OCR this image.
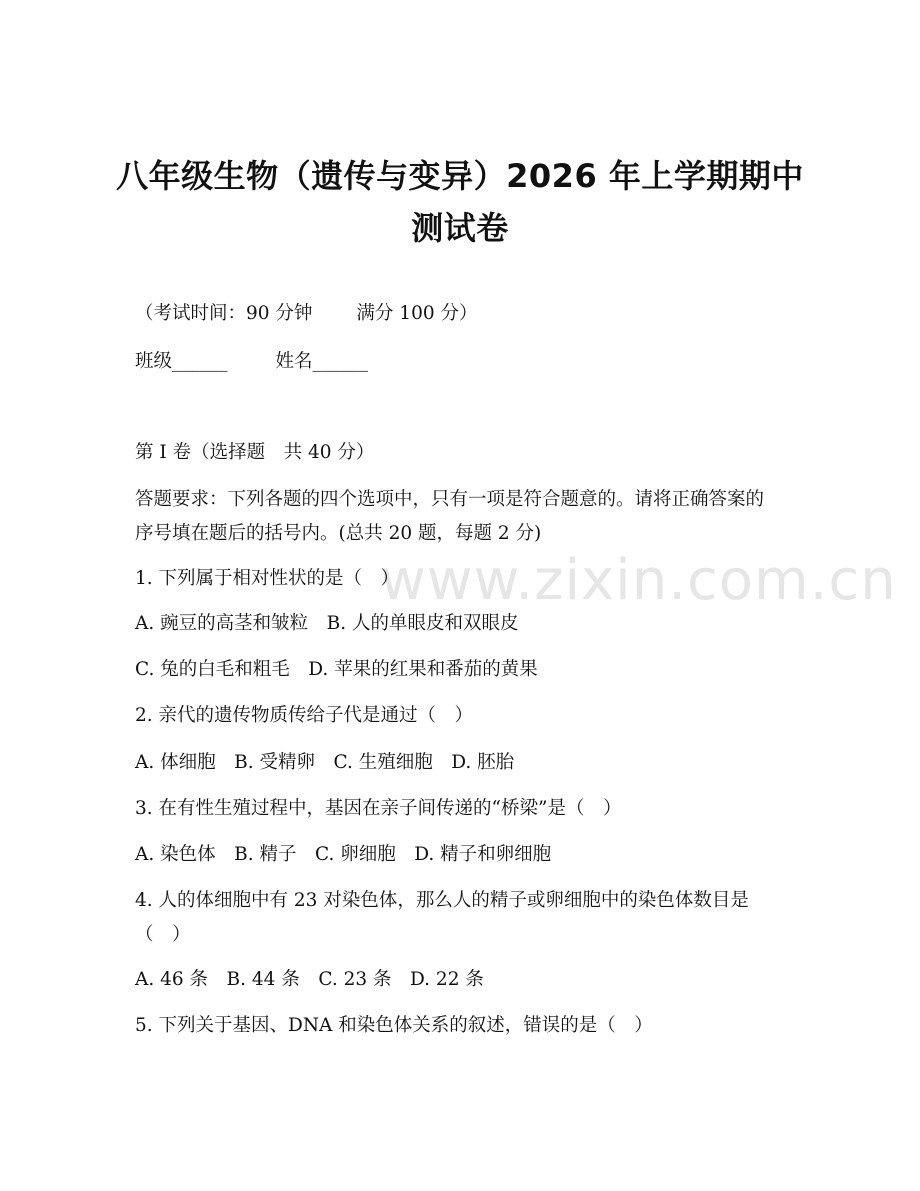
www.zixin.com.cn
八年级生物（遗传与变异）2026 年上学期期中测试卷
（考试时间：90 分钟 满分 100 分）
班级______	姓名______
第 I 卷（选择题　共 40 分）
答题要求：下列各题的四个选项中，只有一项是符合题意的。请将正确答案的序号填在题后的括号内。(总共 20 题，每题 2 分)
1. 下列属于相对性状的是（　）
A. 豌豆的高茎和皱粒　B. 人的单眼皮和双眼皮
C. 兔的白毛和粗毛　D. 苹果的红果和番茄的黄果
2. 亲代的遗传物质传给子代是通过（　）
A. 体细胞　B. 受精卵　C. 生殖细胞　D. 胚胎
3. 在有性生殖过程中，基因在亲子间传递的“桥梁”是（　）
A. 染色体　B. 精子　C. 卵细胞　D. 精子和卵细胞
4. 人的体细胞中有 23 对染色体，那么人的精子或卵细胞中的染色体数目是（　）
A. 46 条　B. 44 条　C. 23 条　D. 22 条
5. 下列关于基因、DNA 和染色体关系的叙述，错误的是（　）
